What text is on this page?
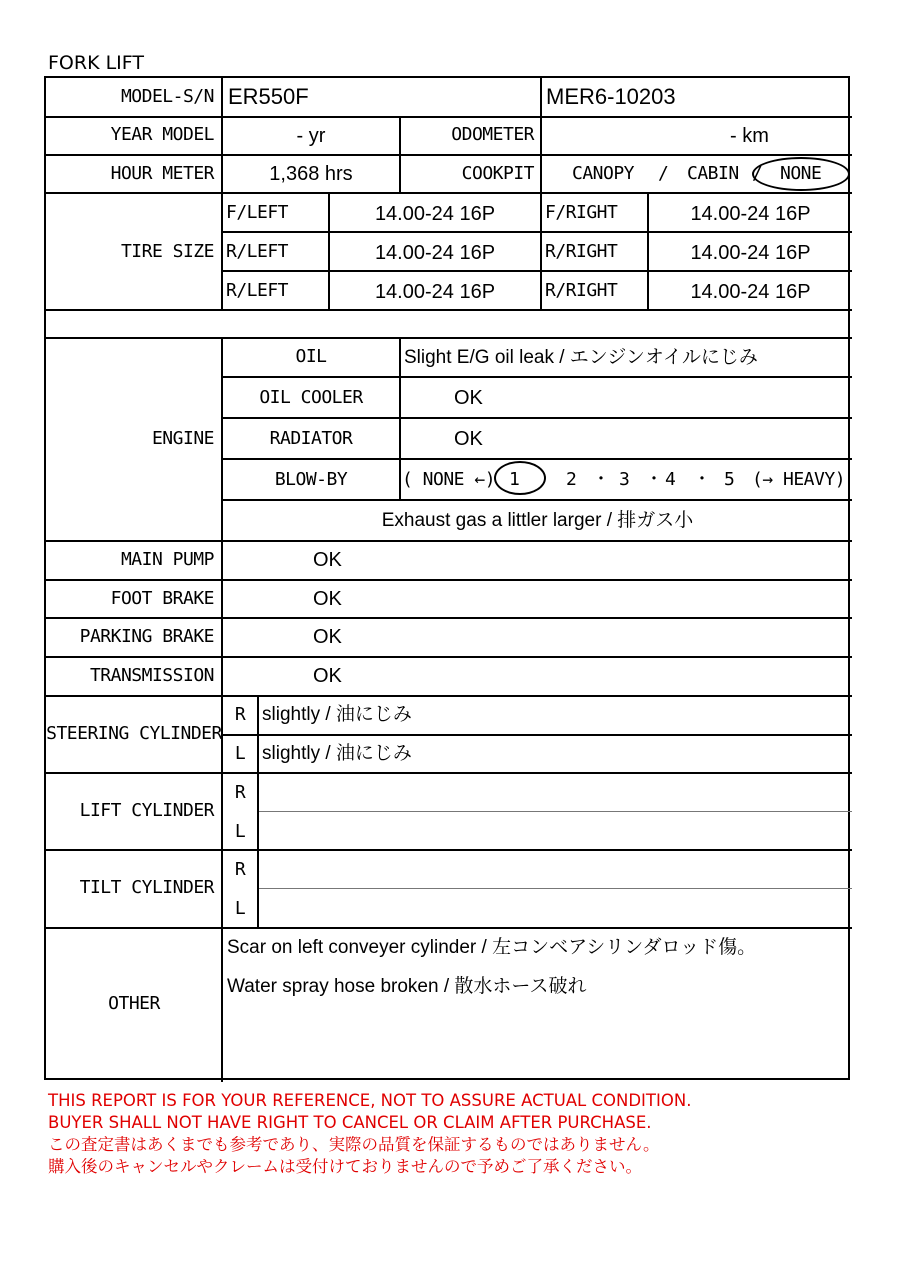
FORK LIFT
MODEL-S/N ER550F	MER6-10203
YEAR MODEL	- yr	ODOMETER	- km
HOUR METER	1,368 hrs	COOKPIT CANOPY / CABIN / NONE
TIRE SIZE
F/LEFT	14.00-24 16P	F/RIGHT	14.00-24 16P
R/LEFT	14.00-24 16P	R/RIGHT	14.00-24 16P
R/LEFT	14.00-24 16P	R/RIGHT	14.00-24 16P
ENGINE
OIL	Slight E/G oil leak / エンジンオイルにじみ
OIL COOLER	OK
RADIATOR	OK
BLOW-BY	( NONE ←) 1	2 ・ 3 ・ 4 ・ 5 (→ HEAVY)
Exhaust gas a littler larger / 排ガス小
MAIN PUMP	OK
FOOT BRAKE	OK
PARKING BRAKE	OK
TRANSMISSION	OK
STEERING CYLINDER
R slightly / 油にじみ
L slightly / 油にじみ
LIFT CYLINDER
R
L
TILT CYLINDER
R
L
OTHER
Scar on left conveyer cylinder / 左コンベアシリンダロッド傷。
Water spray hose broken / 散水ホース破れ
THIS REPORT IS FOR YOUR REFERENCE, NOT TO ASSURE ACTUAL CONDITION.
BUYER SHALL NOT HAVE RIGHT TO CANCEL OR CLAIM AFTER PURCHASE.
この査定書はあくまでも参考であり、実際の品質を保証するものではありません。
購入後のキャンセルやクレームは受付けておりませんので予めご了承ください。
